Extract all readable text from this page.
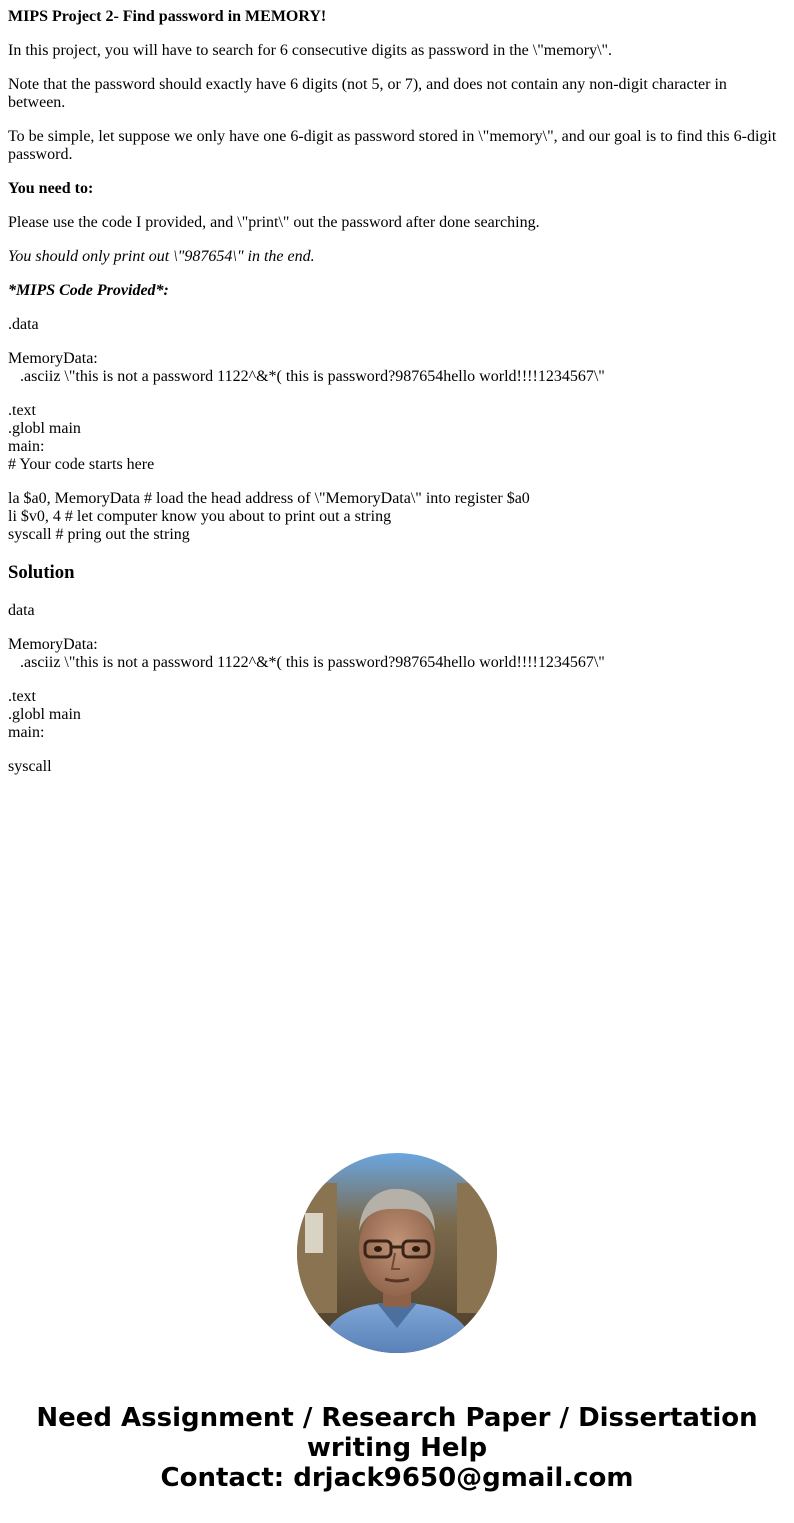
MIPS Project 2- Find password in MEMORY!

In this project, you will have to search for 6 consecutive digits as password in the \"memory\".

Note that the password should exactly have 6 digits (not 5, or 7), and does not contain any non-digit character in between.

To be simple, let suppose we only have one 6-digit as password stored in \"memory\", and our goal is to find this 6-digit password.

You need to:

Please use the code I provided, and \"print\" out the password after done searching.

You should only print out \"987654\" in the end.

*MIPS Code Provided*:

.data

MemoryData:
.asciiz \"this is not a password 1122^&*( this is password?987654hello world!!!!1234567\"
.text
.globl main
main:
# Your code starts here
la $a0, MemoryData # load the head address of \"MemoryData\" into register $a0
li $v0, 4 # let computer know you about to print out a string
syscall # pring out the string
Solution

data

MemoryData:
.asciiz \"this is not a password 1122^&*( this is password?987654hello world!!!!1234567\"
.text
.globl main
main:
syscall
Need Assignment / Research Paper / Dissertation
writing Help
Contact: drjack9650@gmail.com
